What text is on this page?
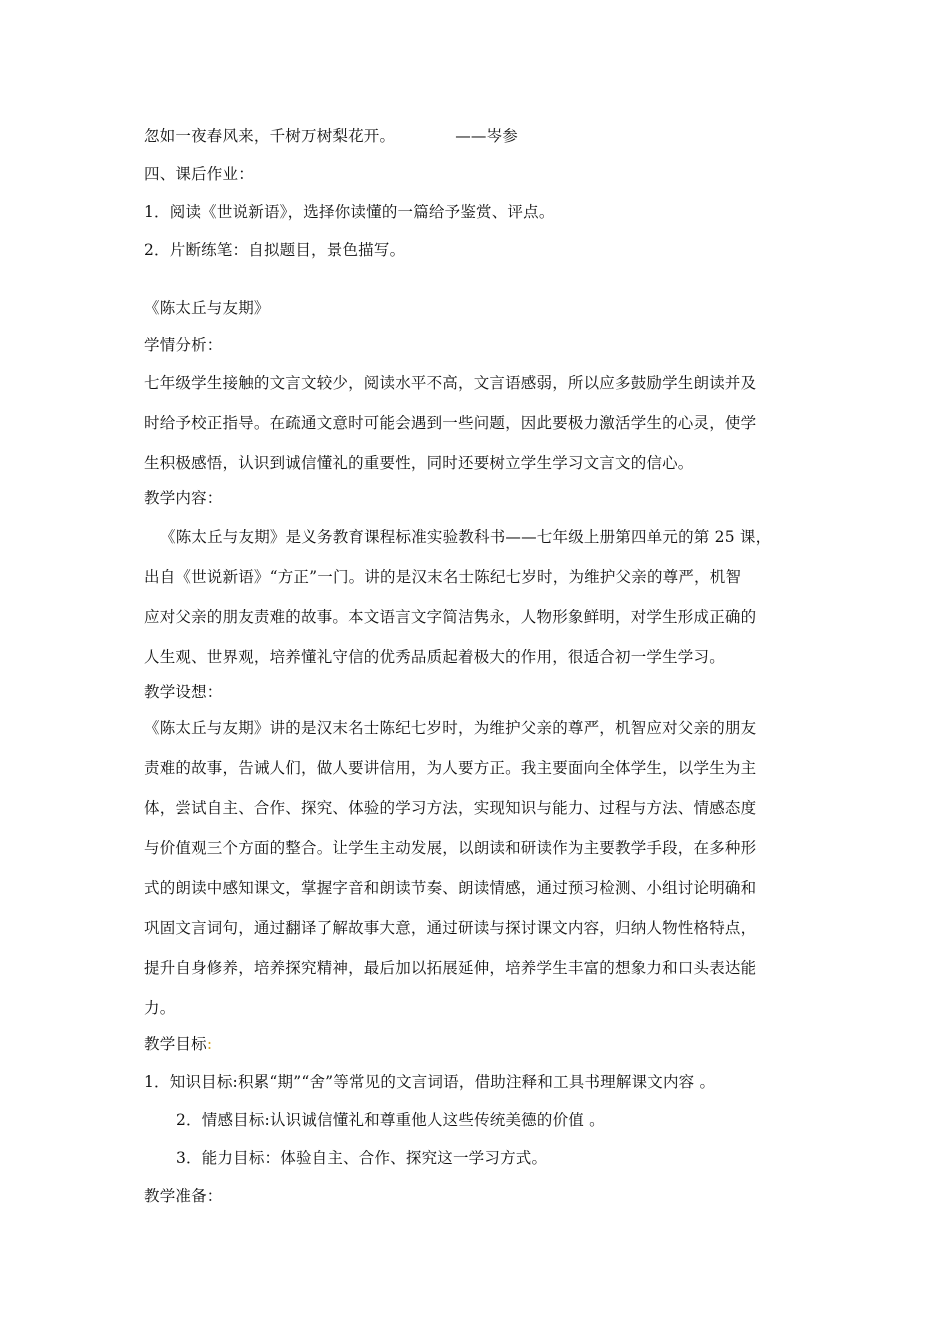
忽如一夜春风来，千树万树梨花开。	——岑参
四、课后作业：
1．阅读《世说新语》，选择你读懂的一篇给予鉴赏、评点。
2．片断练笔：自拟题目，景色描写。
《陈太丘与友期》
学情分析：
七年级学生接触的文言文较少，阅读水平不高，文言语感弱，所以应多鼓励学生朗读并及
时给予校正指导。在疏通文意时可能会遇到一些问题，因此要极力激活学生的心灵，使学
生积极感悟，认识到诚信懂礼的重要性，同时还要树立学生学习文言文的信心。
教学内容：
《陈太丘与友期》是义务教育课程标准实验教科书——七年级上册第四单元的第 25 课，
出自《世说新语》“方正”一门。讲的是汉末名士陈纪七岁时，为维护父亲的尊严，机智
应对父亲的朋友责难的故事。本文语言文字简洁隽永，人物形象鲜明，对学生形成正确的
人生观、世界观，培养懂礼守信的优秀品质起着极大的作用，很适合初一学生学习。
教学设想：
《陈太丘与友期》讲的是汉末名士陈纪七岁时，为维护父亲的尊严，机智应对父亲的朋友
责难的故事，告诫人们，做人要讲信用，为人要方正。我主要面向全体学生，以学生为主
体，尝试自主、合作、探究、体验的学习方法，实现知识与能力、过程与方法、情感态度
与价值观三个方面的整合。让学生主动发展，以朗读和研读作为主要教学手段，在多种形
式的朗读中感知课文，掌握字音和朗读节奏、朗读情感，通过预习检测、小组讨论明确和
巩固文言词句，通过翻译了解故事大意，通过研读与探讨课文内容，归纳人物性格特点，
提升自身修养，培养探究精神，最后加以拓展延伸，培养学生丰富的想象力和口头表达能
力。
教学目标:
1．知识目标:积累“期”“舍”等常见的文言词语，借助注释和工具书理解课文内容 。
2．情感目标:认识诚信懂礼和尊重他人这些传统美德的价值 。
3．能力目标：体验自主、合作、探究这一学习方式。
教学准备：
